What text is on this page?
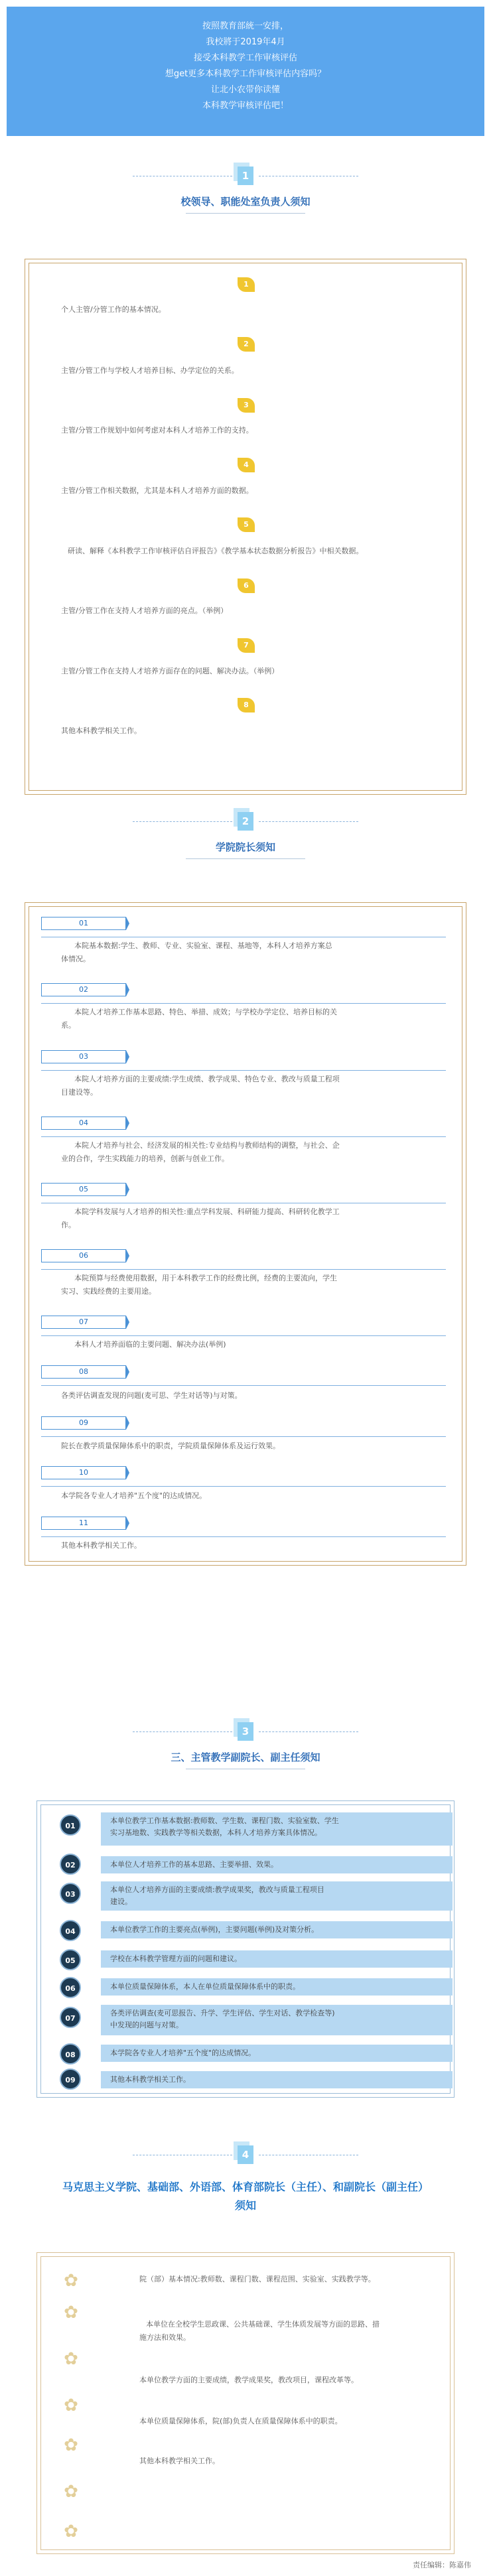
按照教育部統一安排，

我校將于2019年4月

接受本科教学工作审核评估

想get更多本科教学工作审核评估内容吗？

让北小农带你读懂

本科教学审核评估吧！

1
校领导、职能处室负责人须知
1
个人主管/分管工作的基本情况。
2
主管/分管工作与学校人才培养目标、办学定位的关系。
3
主管/分管工作规划中如何考虑对本科人才培养工作的支持。
4
主管/分管工作相关数据，尤其是本科人才培养方面的数据。
5
研读、解释《本科教学工作审核评估自评报告》《教学基本状态数据分析报告》中相关数据。
6
主管/分管工作在支持人才培养方面的亮点。（举例）
7
主管/分管工作在支持人才培养方面存在的问题、解决办法。（举例）
8
其他本科教学相关工作。
2
学院院长须知
01
本院基本数据:学生、教师、专业、实验室、课程、基地等，本科人才培养方案总
体情况。
02
本院人才培养工作基本思路、特色、举措、成效；与学校办学定位、培养目标的关
系。
03
本院人才培养方面的主要成绩:学生成绩、教学成果、特色专业、教改与质量工程项
目建设等。
04
本院人才培养与社会、经济发展的相关性:专业结构与教师结构的调整，与社会、企
业的合作，学生实践能力的培养，创新与创业工作。
05
本院学科发展与人才培养的相关性:重点学科发展、科研能力提高、科研转化教学工
作。
06
本院预算与经费使用数据，用于本科教学工作的经费比例，经费的主要流向，学生
实习、实践经费的主要用途。
07
本科人才培养面临的主要问题、解决办法(举例)
08
各类评估调查发现的问题(麦可思、学生对话等)与对策。
09
院长在教学质量保障体系中的职责，学院质量保障体系及运行效果。
10
本学院各专业人才培养"五个度"的达成情况。
11
其他本科教学相关工作。
3
三、主管教学副院长、副主任须知
01
本单位教学工作基本数据:教师数、学生数、课程门数、实验室数、学生
实习基地数、实践教学等相关数据，本科人才培养方案具体情况。
02	本单位人才培养工作的基本思路、主要举措、效果。
03
本单位人才培养方面的主要成绩:教学成果奖，教改与质量工程项目
建设。
04	本单位教学工作的主要亮点(举例)，主要问题(举例)及对策分析。
05	学校在本科教学管理方面的问题和建议。
06	本单位质量保障体系，本人在单位质量保障体系中的职责。
07
各类评估调查(麦可思报告、升学、学生评估、学生对话、教学检查等)
中发现的问题与对策。
08	本学院各专业人才培养"五个度"的达成情况。
09	其他本科教学相关工作。
4
马克思主义学院、基础部、外语部、体育部院长（主任）、和副院长（副主任）
须知
✿	院（部）基本情况:教师数、课程门数、课程范围、实验室、实践教学等。
✿
本单位在全校学生思政课、公共基础课、学生体质发展等方面的思路、措
施方法和效果。
✿
本单位教学方面的主要成绩，教学成果奖，教改项目，课程改革等。
✿
本单位质量保障体系，院(部)负责人在质量保障体系中的职责。
✿
其他本科教学相关工作。
✿
✿
责任编辑：陈嘉伟
